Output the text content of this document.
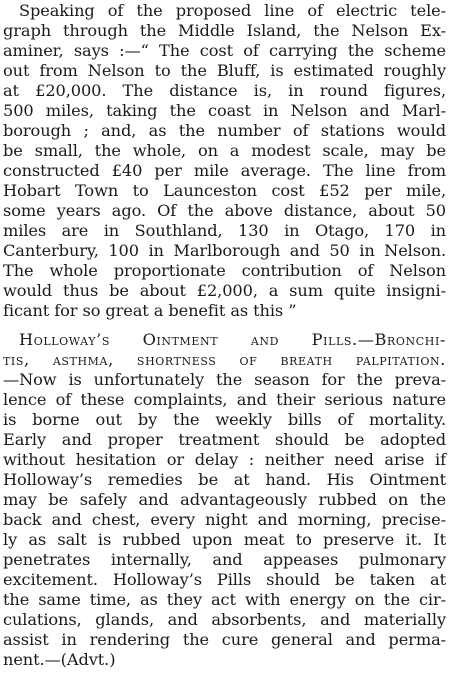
Speaking of the proposed line of electric tele-
graph through the Middle Island, the Nelson Ex-
aminer, says :—“ The cost of carrying the scheme
out from Nelson to the Bluff, is estimated roughly
at £20,000. The distance is, in round figures,
500 miles, taking the coast in Nelson and Marl-
borough ; and, as the number of stations would
be small, the whole, on a modest scale, may be
constructed £40 per mile average. The line from
Hobart Town to Launceston cost £52 per mile,
some years ago. Of the above distance, about 50
miles are in Southland, 130 in Otago, 170 in
Canterbury, 100 in Marlborough and 50 in Nelson.
The whole proportionate contribution of Nelson
would thus be about £2,000, a sum quite insigni-
ficant for so great a benefit as this ”
Holloway’s Ointment and Pills.—Bronchi-
tis, asthma, shortness of breath palpitation.
—Now is unfortunately the season for the preva-
lence of these complaints, and their serious nature
is borne out by the weekly bills of mortality.
Early and proper treatment should be adopted
without hesitation or delay : neither need arise if
Holloway’s remedies be at hand. His Ointment
may be safely and advantageously rubbed on the
back and chest, every night and morning, precise-
ly as salt is rubbed upon meat to preserve it. It
penetrates internally, and appeases pulmonary
excitement. Holloway’s Pills should be taken at
the same time, as they act with energy on the cir-
culations, glands, and absorbents, and materially
assist in rendering the cure general and perma-
nent.—(Advt.)
